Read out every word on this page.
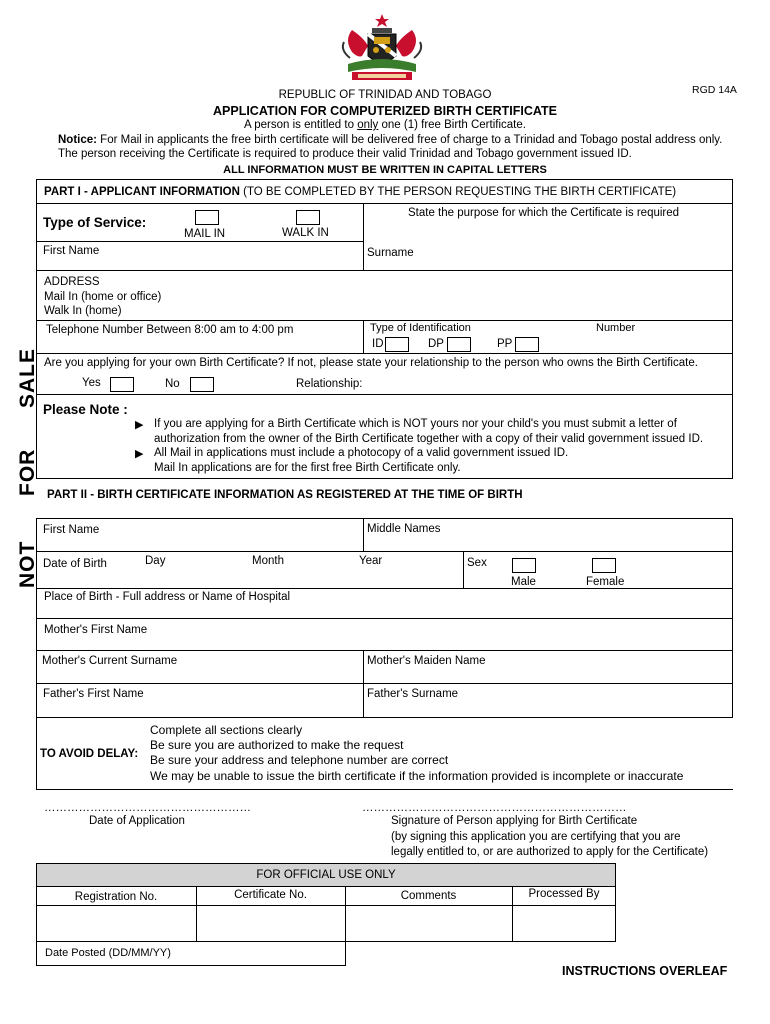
RGD 14A
REPUBLIC OF TRINIDAD AND TOBAGO
APPLICATION FOR COMPUTERIZED BIRTH CERTIFICATE
A person is entitled to only one (1) free Birth Certificate.
Notice: For Mail in applicants the free birth certificate will be delivered free of charge to a Trinidad and Tobago postal address only.
The person receiving the Certificate is required to produce their valid Trinidad and Tobago government issued ID.
ALL INFORMATION MUST BE WRITTEN IN CAPITAL LETTERS
NOT
FOR
SALE
PART I - APPLICANT INFORMATION (TO BE COMPLETED BY THE PERSON REQUESTING THE BIRTH CERTIFICATE)
Type of Service:
MAIL IN	WALK IN
State the purpose for which the Certificate is required
First Name	Surname
ADDRESS
Mail In (home or office)
Walk In (home)
Telephone Number Between 8:00 am to 4:00 pm	Type of Identification	Number
ID	DP	PP
Are you applying for your own Birth Certificate? If not, please state your relationship to the person who owns the Birth Certificate.
Yes	No	Relationship:
Please Note :
▶ If you are applying for a Birth Certificate which is NOT yours nor your child's you must submit a letter of
authorization from the owner of the Birth Certificate together with a copy of their valid government issued ID.
▶ All Mail in applications must include a photocopy of a valid government issued ID.
Mail In applications are for the first free Birth Certificate only.
PART II - BIRTH CERTIFICATE INFORMATION AS REGISTERED AT THE TIME OF BIRTH
First Name	Middle Names
Date of Birth	Day	Month	Year	Sex
Male	Female
Place of Birth - Full address or Name of Hospital
Mother's First Name
Mother's Current Surname	Mother's Maiden Name
Father's First Name	Father's Surname
TO AVOID DELAY:
Complete all sections clearly
Be sure you are authorized to make the request
Be sure your address and telephone number are correct
We may be unable to issue the birth certificate if the information provided is incomplete or inaccurate
………………………………………………
Date of Application
……………………………………………………………
Signature of Person applying for Birth Certificate
(by signing this application you are certifying that you are
legally entitled to, or are authorized to apply for the Certificate)
FOR OFFICIAL USE ONLY
Registration No.	Certificate No.	Comments	Processed By
Date Posted (DD/MM/YY)
INSTRUCTIONS OVERLEAF
